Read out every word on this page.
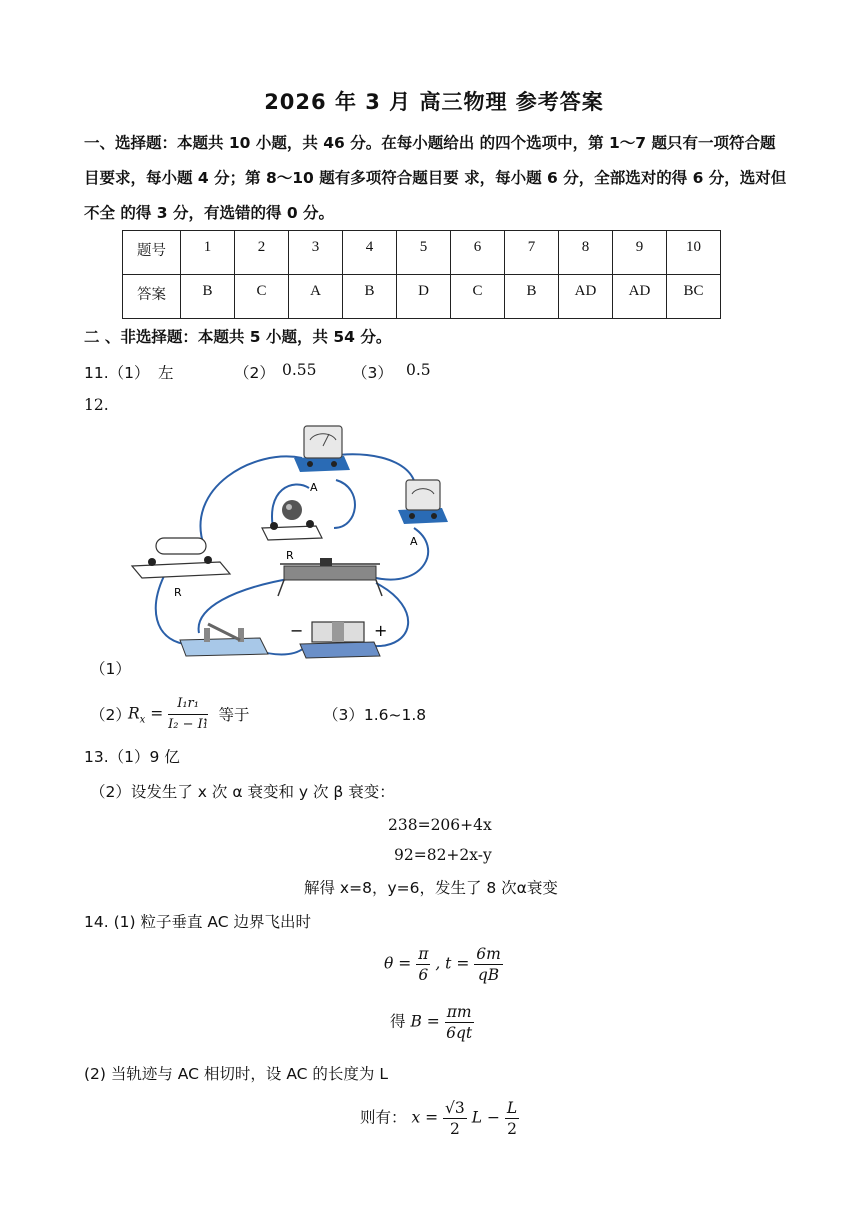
2026 年 3 月 高三物理 参考答案
一、选择题：本题共 10 小题，共 46 分。在每小题给出 的四个选项中，第 1～7 题只有一项符合题目要求，每小题 4 分；第 8～10 题有多项符合题目要 求，每小题 6 分，全部选对的得 6 分，选对但不全 的得 3 分，有选错的得 0 分。
题号	1	2	3	4	5	6	7	8	9	10
答案	B	C	A	B	D	C	B	AD	AD	BC
二 、非选择题：本题共 5 小题，共 54 分。
11.（1） 左	（2） 0.55 （3） 0.5
12.
A
A
R
R
−	+
（1）
（2）
$R_x = \frac{\text{I₁r₁}}{\text{I₂ − I₁}}$
，等于	（3）1.6~1.8
13.（1）9 亿
（2）设发生了 x 次 α 衰变和 y 次 β 衰变：
238=206+4x
92=82+2x-y
解得 x=8，y=6，发生了 8 次α衰变
14. (1) 粒子垂直 AC 边界飞出时
$\theta = \frac{\pi}{6}$ , $t = \frac{6m}{qB}$
得 $B = \frac{\pi m}{6qt}$
(2) 当轨迹与 AC 相切时，设 AC 的长度为 L
则有： $x = \frac{√3}{2}$ $L - \frac{L}{2}$
